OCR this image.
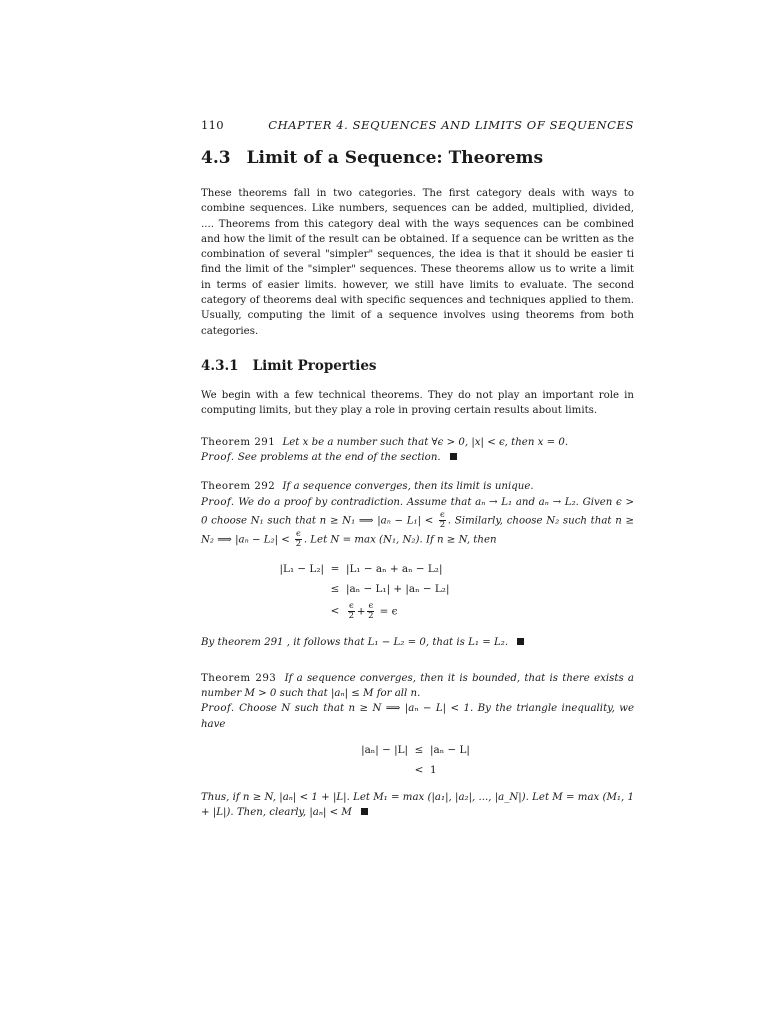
110	CHAPTER 4. SEQUENCES AND LIMITS OF SEQUENCES
4.3 Limit of a Sequence: Theorems

These theorems fall in two categories. The first category deals with ways to combine sequences. Like numbers, sequences can be added, multiplied, divided, .... Theorems from this category deal with the ways sequences can be combined and how the limit of the result can be obtained. If a sequence can be written as the combination of several "simpler" sequences, the idea is that it should be easier ti find the limit of the "simpler" sequences. These theorems allow us to write a limit in terms of easier limits. however, we still have limits to evaluate. The second category of theorems deal with specific sequences and techniques applied to them. Usually, computing the limit of a sequence involves using theorems from both categories.

4.3.1 Limit Properties

We begin with a few technical theorems. They do not play an important role in computing limits, but they play a role in proving certain results about limits.

Theorem 291 Let x be a number such that ∀ϵ > 0, |x| < ϵ, then x = 0.

Proof. See problems at the end of the section.

Theorem 292 If a sequence converges, then its limit is unique.

Proof. We do a proof by contradiction. Assume that aₙ → L₁ and aₙ → L₂. Given ϵ > 0 choose N₁ such that n ≥ N₁ ⟹ $|a_n - L_1| < \frac{\epsilon}{2}$ . Similarly, choose N₂ such that n ≥ N₂ ⟹ $|a_n - L_2| < \frac{\epsilon}{2}$ . Let N = max (N₁, N₂). If n ≥ N, then

|L₁ − L₂| = |L₁ − aₙ + aₙ − L₂|
≤ |aₙ − L₁| + |aₙ − L₂|
<	$\frac{\epsilon}{2} + \frac{\epsilon}{2} = \epsilon$

By theorem 291 , it follows that L₁ − L₂ = 0, that is L₁ = L₂.

Theorem 293 If a sequence converges, then it is bounded, that is there exists a number M > 0 such that |aₙ| ≤ M for all n.

Proof. Choose N such that n ≥ N ⟹ |aₙ − L| < 1. By the triangle inequality, we have

|aₙ| − |L| ≤ |aₙ − L|
< 1

Thus, if n ≥ N, |aₙ| < 1 + |L|. Let M₁ = max (|a₁|, |a₂|, ..., |a_N|). Let M = max (M₁, 1 + |L|). Then, clearly, |aₙ| < M
